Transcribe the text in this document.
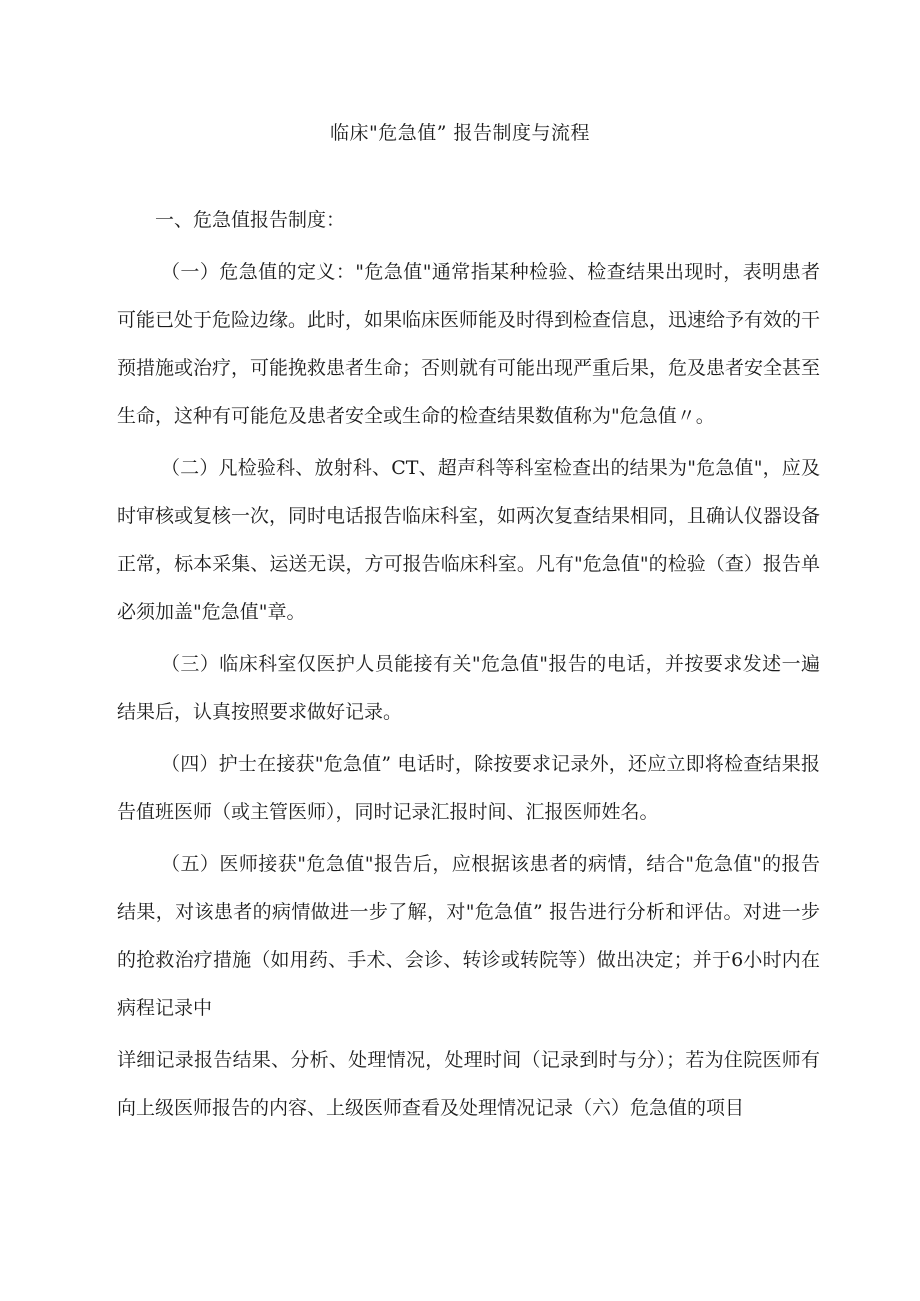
临床"危急值” 报告制度与流程

一、危急值报告制度：

（一）危急值的定义："危急值"通常指某种检验、检查结果出现时，表明患者可能已处于危险边缘。此时，如果临床医师能及时得到检查信息，迅速给予有效的干预措施或治疗，可能挽救患者生命；否则就有可能出现严重后果，危及患者安全甚至生命，这种有可能危及患者安全或生命的检查结果数值称为"危急值〃。

（二）凡检验科、放射科、CT、超声科等科室检查出的结果为"危急值"，应及时审核或复核一次，同时电话报告临床科室，如两次复查结果相同，且确认仪器设备正常，标本采集、运送无误，方可报告临床科室。凡有"危急值"的检验（查）报告单必须加盖"危急值"章。

（三）临床科室仅医护人员能接有关"危急值"报告的电话，并按要求发述一遍结果后，认真按照要求做好记录。

（四）护士在接获"危急值” 电话时，除按要求记录外，还应立即将检查结果报告值班医师（或主管医师），同时记录汇报时间、汇报医师姓名。

（五）医师接获"危急值"报告后，应根据该患者的病情，结合"危急值"的报告结果，对该患者的病情做进一步了解，对"危急值” 报告进行分析和评估。对进一步的抢救治疗措施（如用药、手术、会诊、转诊或转院等）做出决定；并于6小时内在病程记录中

详细记录报告结果、分析、处理情况，处理时间（记录到时与分）；若为住院医师有向上级医师报告的内容、上级医师查看及处理情况记录（六）危急值的项目
